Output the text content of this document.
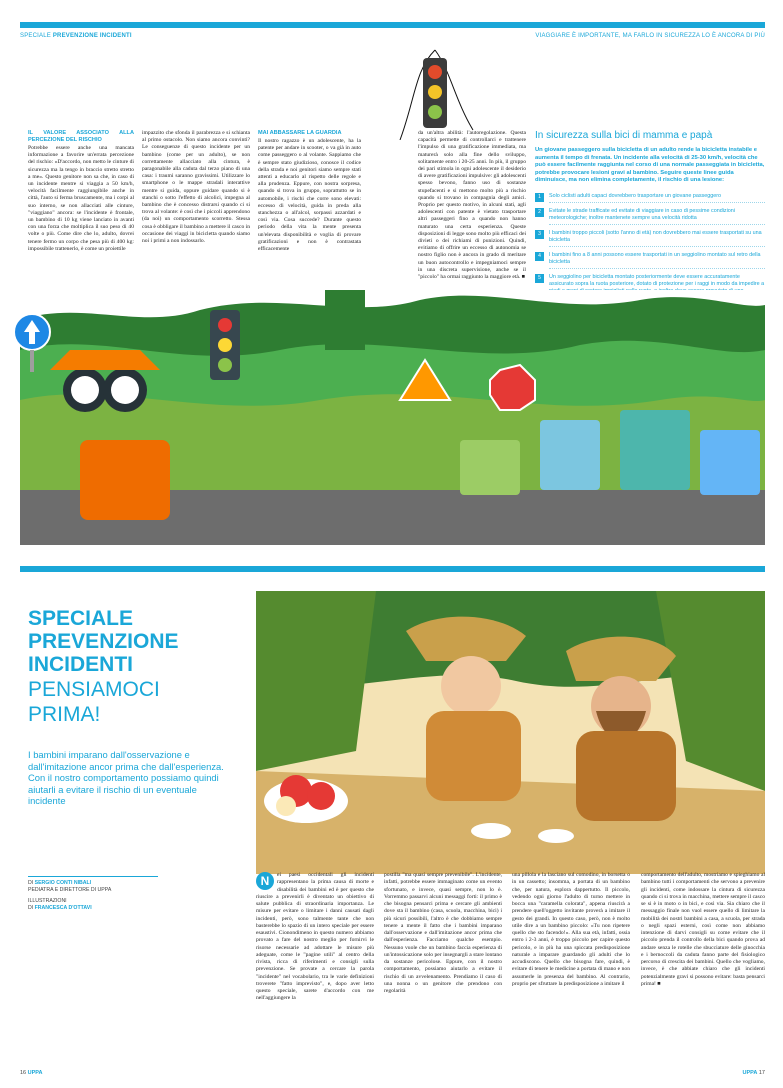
SPECIALE PREVENZIONE INCIDENTI	VIAGGIARE È IMPORTANTE, MA FARLO IN SICUREZZA LO È ANCORA DI PIÙ
IL VALORE ASSOCIATO ALLA PERCEZIONE DEL RISCHIO

Potrebbe essere anche una mancata informazione a favorire un'errata percezione del rischio: «D'accordo, non metto le cinture di sicurezza ma la tengo in braccio stretto stretto a me». Questo genitore non sa che, in caso di un incidente mentre si viaggia a 50 km/h, velocità facilmente raggiungibile anche in città, l'auto si ferma bruscamente, ma i corpi al suo interno, se non allacciati alle cinture, "viaggiano" ancora: se l'incidente è frontale, un bambino di 10 kg viene lanciato in avanti con una forza che moltiplica il suo peso di 40 volte o più. Come dire che lo, adulto, dovrei tenere fermo un corpo che pesa più di 400 kg: impossibile trattenerlo, è come un proiettile

impazzito che sfonda il parabrezza e si schianta al primo ostacolo. Non siamo ancora convinti? Le conseguenze di questo incidente per un bambino (come per un adulto), se non correttamente allacciato alla cintura, è paragonabile alla caduta dal terzo piano di una casa: i traumi saranno gravissimi. Utilizzare lo smartphone o le mappe stradali interattive mentre si guida, oppure guidare quando si è stanchi o sotto l'effetto di alcolici, impegna al bambino che è concesso distrarsi quando ci si trova al volante: è così che i piccoli apprendono (da noi) un comportamento scorretto. Stessa cosa è obbligare il bambino a mettere il casco in occasione dei viaggi in bicicletta quando siamo noi i primi a non indossarlo.

MAI ABBASSARE LA GUARDIA

Il nostro ragazzo è un adolescente, ha la patente per andare in scooter, o va già in auto come passeggero o al volante. Sappiamo che è sempre stato giudizioso, conosce il codice della strada e noi genitori siamo sempre stati attenti a educarlo al rispetto delle regole e alla prudenza. Eppure, con nostra sorpresa, quando si trova in gruppo, soprattutto se in automobile, i rischi che corre sono elevati: eccesso di velocità, guida in preda alla stanchezza o all'alcol, sorpassi azzardati e così via. Cosa succede? Durante questo periodo della vita la mente presenta un'elevata disponibilità e voglia di provare gratificazioni e non è contrastata efficacemente

da un'altra abilità: l'autoregolazione. Questa capacità permette di controllarci e trattenere l'impulso di una gratificazione immediata, ma maturerà solo alla fine dello sviluppo, solitamente entro i 20-25 anni. In più, il gruppo dei pari stimola in ogni adolescente il desiderio di avere gratificazioni impulsive: gli adolescenti spesso bevono, fanno uso di sostanze stupefacenti e si mettono molto più a rischio quando si trovano in compagnia degli amici. Proprio per questo motivo, in alcuni stati, agli adolescenti con patente è vietato trasportare altri passeggeri fino a quando non hanno maturato una certa esperienza. Queste disposizioni di legge sono molto più efficaci dei divieti o dei richiami di punizioni. Quindi, evitiamo di offrire un eccesso di autonomia se nostro figlio non è ancora in grado di meritare un buon autocontrollo e impegniamoci sempre in una discreta supervisione, anche se il "piccolo" ha ormai raggiunto la maggiore età. ■

In sicurezza sulla bici di mamma e papà
Un giovane passeggero sulla bicicletta di un adulto rende la bicicletta instabile e aumenta il tempo di frenata. Un incidente alla velocità di 25-30 km/h, velocità che può essere facilmente raggiunta nel corso di una normale passeggiata in bicicletta, potrebbe provocare lesioni gravi al bambino. Seguire queste linee guida diminuisce, ma non elimina completamente, il rischio di una lesione:
1	Solo ciclisti adulti capaci dovrebbero trasportare un giovane passeggero
2	Evitate le strade trafficate ed evitate di viaggiare in caso di pessime condizioni meteorologiche; inoltre mantenete sempre una velocità ridotta
3	I bambini troppo piccoli (sotto l'anno di età) non dovrebbero mai essere trasportati su una bicicletta
4	I bambini fino a 8 anni possono essere trasportati in un seggiolino montato sul retro della bicicletta
5	Un seggiolino per bicicletta montato posteriormente deve essere accuratamente assicurato sopra la ruota posteriore, dotato di protezione per i raggi in modo da impedire a
SPECIALE
PREVENZIONE
INCIDENTI
PENSIAMOCI
PRIMA!
I bambini imparano dall'osservazione e dall'imitazione ancor prima che dall'esperienza. Con il nostro comportamento possiamo quindi aiutarli a evitare il rischio di un eventuale incidente
DI SERGIO CONTI NIBALI
PEDIATRA E DIRETTORE DI UPPA
ILLUSTRAZIONI
DI FRANCESCA D'OTTAVI
N	ei paesi occidentali gli incidenti rappresentano la prima causa di morte e disabilità dei bambini ed è per questo che riuscire a prevenirli è diventato un obiettivo di salute pubblica di straordinaria importanza. Le misure per evitare o limitare i danni causati dagli incidenti, però, sono talmente tante che non basterebbe lo spazio di un intero speciale per essere esaustivi. Cionondimeno in questo numero abbiamo provato a fare del nostro meglio per fornirvi le risorse necessarie ad adottare le misure più adeguate, come le "pagine utili" al centro della rivista, ricca di riferimenti e consigli sulla prevenzione. Se provate a cercare la parola "incidente" nel vocabolario, tra le varie definizioni troverete "fatto imprevisto", e, dopo aver letto questo speciale, sarete d'accordo con me nell'aggiungere la
postilla "ma quasi sempre prevenibile". L'incidente, infatti, potrebbe essere immaginato come un evento sfortunato, e invece, quasi sempre, non lo è. Vorremmo passarvi alcuni messaggi forti: il primo è che bisogna pensarci prima e cercare gli ambienti dove sta il bambino (casa, scuola, macchina, bici) i più sicuri possibili, l'altro è che dobbiamo sempre tenere a mente il fatto che i bambini imparano dall'osservazione e dall'imitazione ancor prima che dall'esperienza. Facciamo qualche esempio. Nessuno vuole che un bambino faccia esperienza di un'intossicazione solo per insegnargli a stare lontano da sostanze pericolose. Eppure, con il nostro comportamento, possiamo aiutarlo a evitare il rischio di un avvelenamento. Prendiamo il caso di una nonna o un genitore che prendono con regolarità
una pillola e la lasciano sul comodino, in borsetta o in un cassetto; insomma, a portata di un bambino che, per natura, esplora dappertutto. Il piccolo, vedendo ogni giorno l'adulto di turno mettere in bocca una "caramella colorata", appena riuscirà a prendere quell'oggetto invitante proverà a imitare il gesto dei grandi. In questo caso, però, non è molto utile dire a un bambino piccolo: «Tu non ripetere quello che sto facendo!». Alla sua età, infatti, ossia entro i 2-3 anni, è troppo piccolo per capire questo pericolo, e in più ha una spiccata predisposizione naturale a imparare guardando gli adulti che lo accudiscono. Quello che bisogna fare, quindi, è evitare di tenere le medicine a portata di mano e non assumerle in presenza del bambino. Al contrario, proprio per sfruttare la predisposizione a imitare il
comportamento dell'adulto, mostriamo e spieghiamo al bambino tutti i comportamenti che servono a prevenire gli incidenti, come indossare la cintura di sicurezza quando ci si trova in macchina, mettere sempre il casco se si è in moto o in bici, e così via. Sia chiaro che il messaggio finale non vuol essere quello di limitare la mobilità dei nostri bambini a casa, a scuola, per strada o negli spazi esterni, così come non abbiamo intenzione di darvi consigli su come evitare che il piccolo prenda il controllo della bici quando prova ad andare senza le rotelle che sbucciature delle ginocchia e i bernoccoli da caduta fanno parte del fisiologico percorso di crescita dei bambini. Quello che vogliamo, invece, è che abbiate chiaro che gli incidenti potenzialmente gravi si possono evitare: basta pensarci prima! ■
16 UPPA	UPPA 17
